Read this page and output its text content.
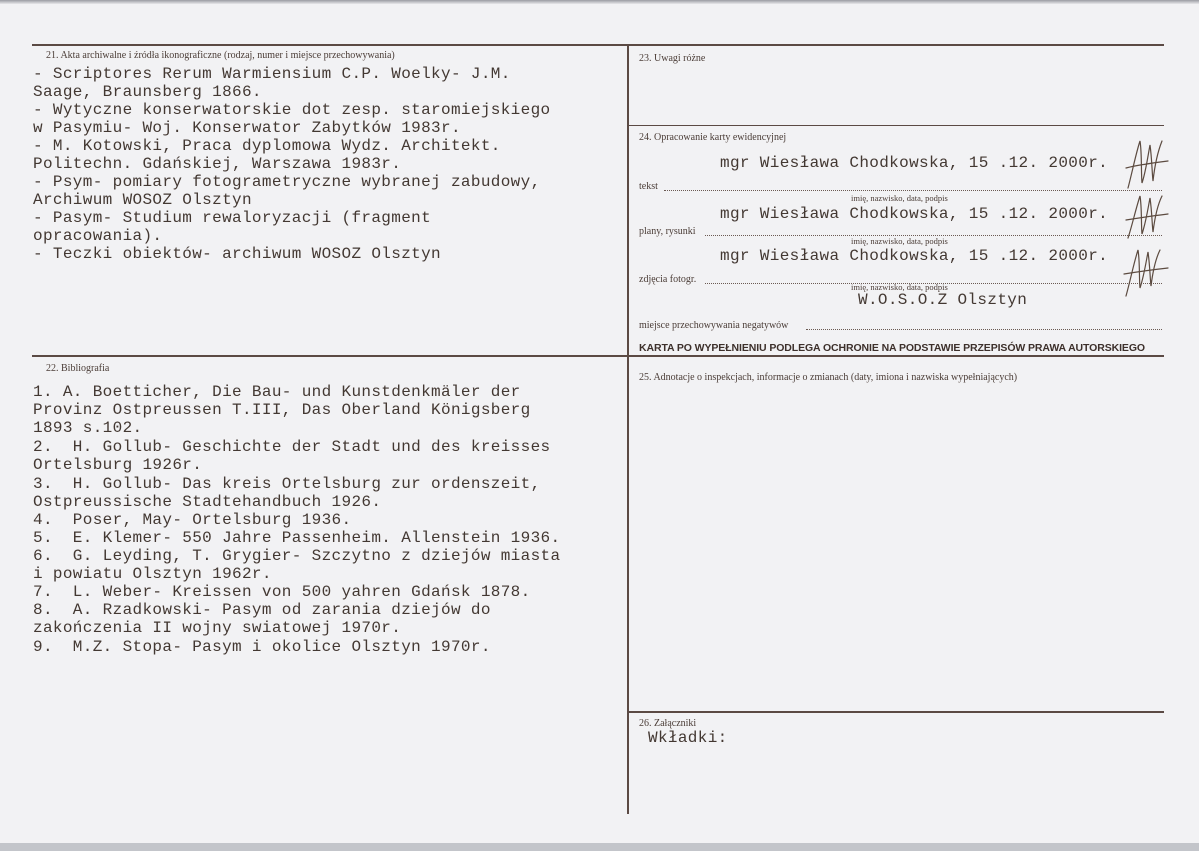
21. Akta archiwalne i źródła ikonograficzne (rodzaj, numer i miejsce przechowywania)
- Scriptores Rerum Warmiensium C.P. Woelky- J.M.
Saage, Braunsberg 1866.
- Wytyczne konserwatorskie dot zesp. staromiejskiego
w Pasymiu- Woj. Konserwator Zabytków 1983r.
- M. Kotowski, Praca dyplomowa Wydz. Architekt.
Politechn. Gdańskiej, Warszawa 1983r.
- Psym- pomiary fotogrametryczne wybranej zabudowy,
Archiwum WOSOZ Olsztyn
- Pasym- Studium rewaloryzacji (fragment
opracowania).
- Teczki obiektów- archiwum WOSOZ Olsztyn
22. Bibliografia
1. A. Boetticher, Die Bau- und Kunstdenkmäler der
Provinz Ostpreussen T.III, Das Oberland Königsberg
1893 s.102.
2.  H. Gollub- Geschichte der Stadt und des kreisses
Ortelsburg 1926r.
3.  H. Gollub- Das kreis Ortelsburg zur ordenszeit,
Ostpreussische Stadtehandbuch 1926.
4.  Poser, May- Ortelsburg 1936.
5.  E. Klemer- 550 Jahre Passenheim. Allenstein 1936.
6.  G. Leyding, T. Grygier- Szczytno z dziejów miasta
i powiatu Olsztyn 1962r.
7.  L. Weber- Kreissen von 500 yahren Gdańsk 1878.
8.  A. Rzadkowski- Pasym od zarania dziejów do
zakończenia II wojny swiatowej 1970r.
9.  M.Z. Stopa- Pasym i okolice Olsztyn 1970r.
23. Uwagi różne
24. Opracowanie karty ewidencyjnej
mgr Wiesława Chodkowska, 15 .12. 2000r.
tekst
imię, nazwisko, data, podpis
mgr Wiesława Chodkowska, 15 .12. 2000r.
plany, rysunki
imię, nazwisko, data, podpis
mgr Wiesława Chodkowska, 15 .12. 2000r.
zdjęcia fotogr.
imię, nazwisko, data, podpis
W.O.S.O.Z Olsztyn
miejsce przechowywania negatywów
KARTA PO WYPEŁNIENIU PODLEGA OCHRONIE NA PODSTAWIE PRZEPISÓW PRAWA AUTORSKIEGO
25. Adnotacje o inspekcjach, informacje o zmianach (daty, imiona i nazwiska wypełniających)
26. Załączniki
Wkładki:
